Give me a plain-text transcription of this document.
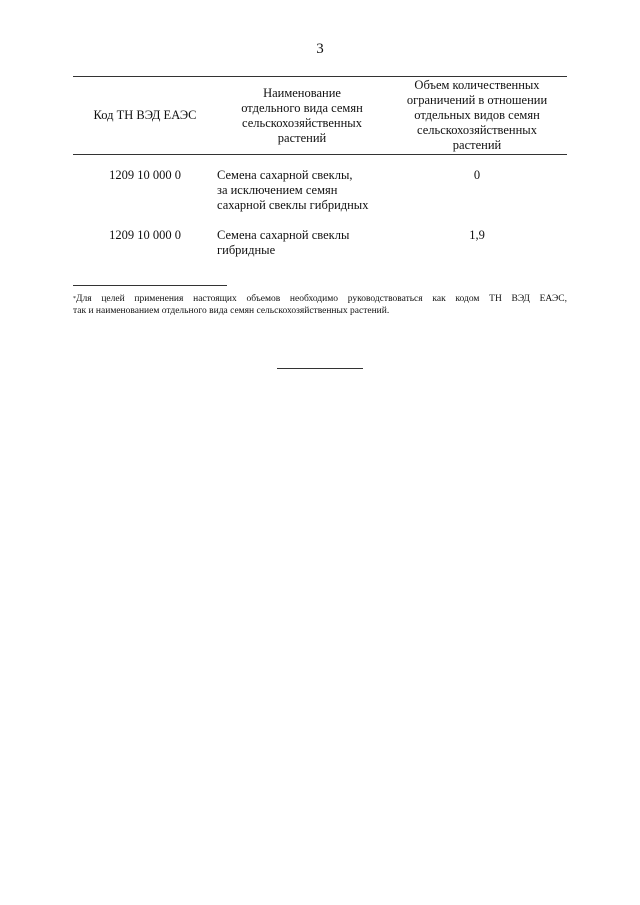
3
Код ТН ВЭД ЕАЭС
Наименование
отдельного вида семян
сельскохозяйственных
растений
Объем количественных
ограничений в отношении
отдельных видов семян
сельскохозяйственных
растений
1209 10 000 0	Семена сахарной свеклы,
за исключением семян
сахарной свеклы гибридных
0
1209 10 000 0	Семена сахарной свеклы
гибридные
1,9
*Для целей применения настоящих объемов необходимо руководствоваться как кодом ТН ВЭД ЕАЭС,
так и наименованием отдельного вида семян сельскохозяйственных растений.
